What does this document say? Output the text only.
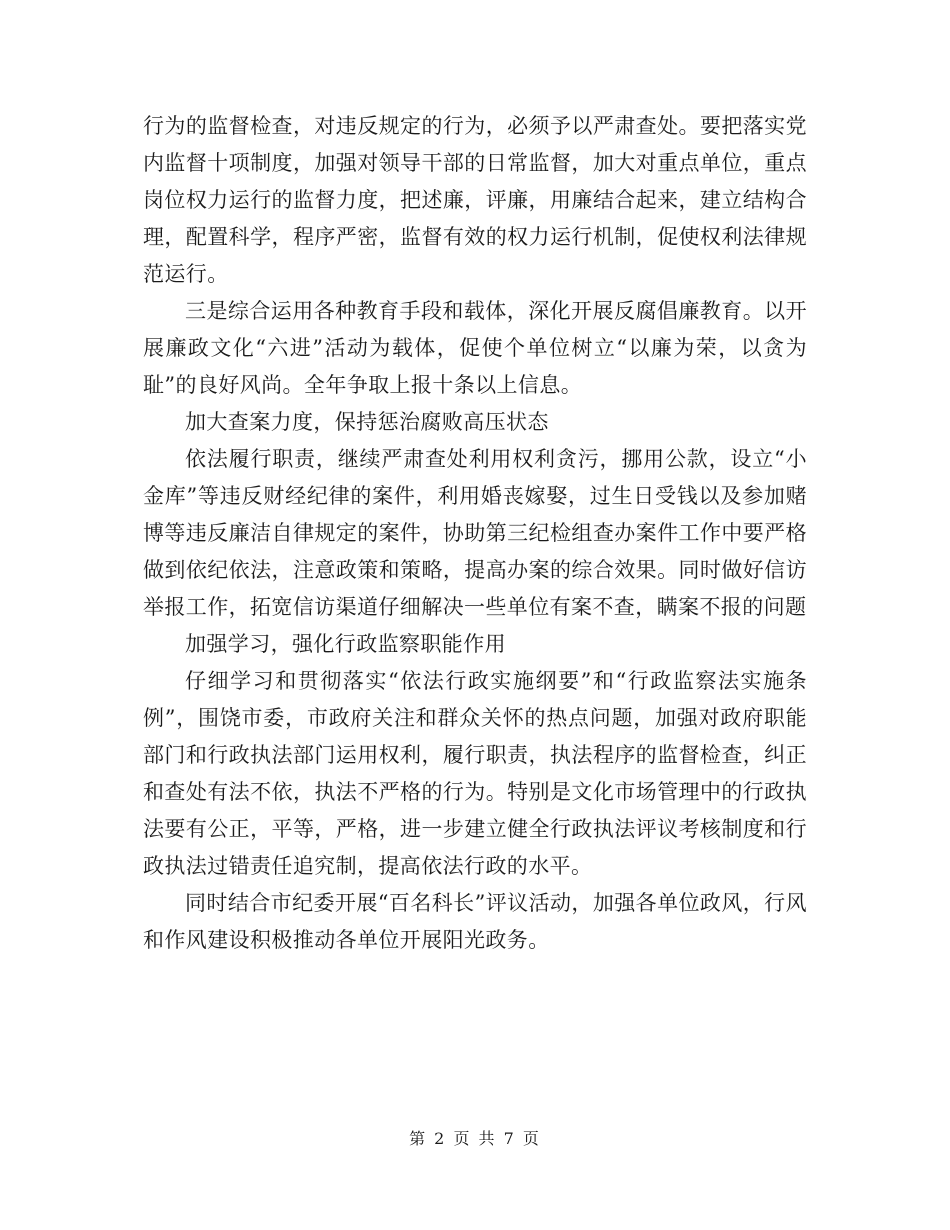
行为的监督检查，对违反规定的行为，必须予以严肃查处。要把落实党内监督十项制度，加强对领导干部的日常监督，加大对重点单位，重点岗位权力运行的监督力度，把述廉，评廉，用廉结合起来，建立结构合理，配置科学，程序严密，监督有效的权力运行机制，促使权利法律规范运行。

三是综合运用各种教育手段和载体，深化开展反腐倡廉教育。以开展廉政文化“六进”活动为载体，促使个单位树立“以廉为荣，以贪为耻”的良好风尚。全年争取上报十条以上信息。

加大查案力度，保持惩治腐败高压状态

依法履行职责，继续严肃查处利用权利贪污，挪用公款，设立“小金库”等违反财经纪律的案件，利用婚丧嫁娶，过生日受钱以及参加赌博等违反廉洁自律规定的案件，协助第三纪检组查办案件工作中要严格做到依纪依法，注意政策和策略，提高办案的综合效果。同时做好信访举报工作，拓宽信访渠道仔细解决一些单位有案不查，瞒案不报的问题

加强学习，强化行政监察职能作用

仔细学习和贯彻落实“依法行政实施纲要”和“行政监察法实施条例”，围饶市委，市政府关注和群众关怀的热点问题，加强对政府职能部门和行政执法部门运用权利，履行职责，执法程序的监督检查，纠正和查处有法不依，执法不严格的行为。特别是文化市场管理中的行政执法要有公正，平等，严格，进一步建立健全行政执法评议考核制度和行政执法过错责任追究制，提高依法行政的水平。

同时结合市纪委开展“百名科长”评议活动，加强各单位政风，行风和作风建设积极推动各单位开展阳光政务。

第 2 页 共 7 页
